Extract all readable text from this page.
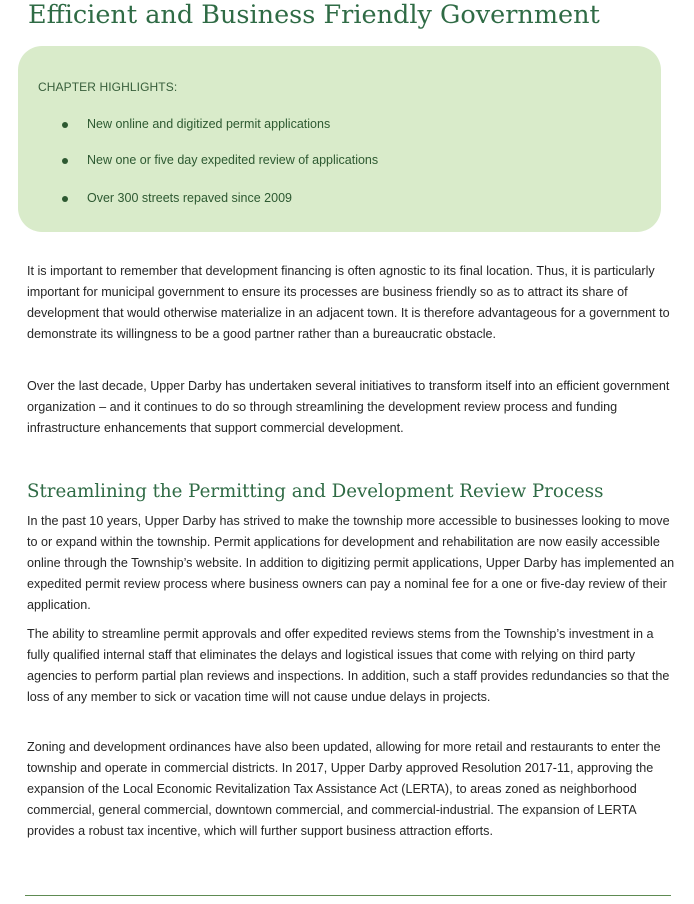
Efficient and Business Friendly Government
CHAPTER HIGHLIGHTS:
New online and digitized permit applications
New one or five day expedited review of applications
Over 300 streets repaved since 2009

It is important to remember that development financing is often agnostic to its final location. Thus, it is particularly important for municipal government to ensure its processes are business friendly so as to attract its share of development that would otherwise materialize in an adjacent town. It is therefore advantageous for a government to demonstrate its willingness to be a good partner rather than a bureaucratic obstacle.

Over the last decade, Upper Darby has undertaken several initiatives to transform itself into an efficient government organization – and it continues to do so through streamlining the development review process and funding infrastructure enhancements that support commercial development.

Streamlining the Permitting and Development Review Process

In the past 10 years, Upper Darby has strived to make the township more accessible to businesses looking to move to or expand within the township. Permit applications for development and rehabilitation are now easily accessible online through the Township’s website. In addition to digitizing permit applications, Upper Darby has implemented an expedited permit review process where business owners can pay a nominal fee for a one or five-day review of their application.

The ability to streamline permit approvals and offer expedited reviews stems from the Township’s investment in a fully qualified internal staff that eliminates the delays and logistical issues that come with relying on third party agencies to perform partial plan reviews and inspections. In addition, such a staff provides redundancies so that the loss of any member to sick or vacation time will not cause undue delays in projects.

Zoning and development ordinances have also been updated, allowing for more retail and restaurants to enter the township and operate in commercial districts. In 2017, Upper Darby approved Resolution 2017-11, approving the expansion of the Local Economic Revitalization Tax Assistance Act (LERTA), to areas zoned as neighborhood commercial, general commercial, downtown commercial, and commercial-industrial. The expansion of LERTA provides a robust tax incentive, which will further support business attraction efforts.
